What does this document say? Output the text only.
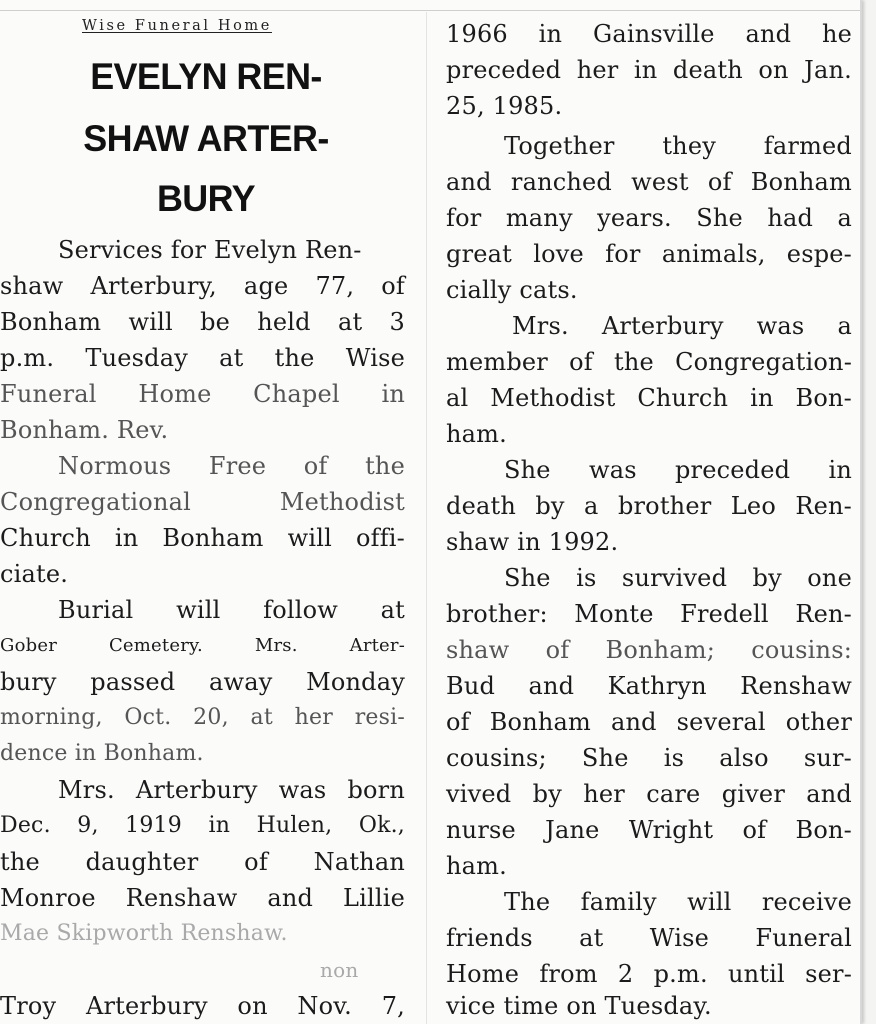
Wise Funeral Home
EVELYN REN-
SHAW ARTER-
BURY
Services for Evelyn Ren-
shaw Arterbury, age 77, of
Bonham will be held at 3
p.m. Tuesday at the Wise
Funeral Home Chapel in
Bonham. Rev.
Normous Free of the
Congregational Methodist
Church in Bonham will offi-
ciate.
Burial will follow at
Gober Cemetery. Mrs. Arter-
bury passed away Monday
morning, Oct. 20, at her resi-
dence in Bonham.
Mrs. Arterbury was born
Dec. 9, 1919 in Hulen, Ok.,
the daughter of Nathan
Monroe Renshaw and Lillie
Mae Skipworth Renshaw.
non
Troy Arterbury on Nov. 7,
1966 in Gainsville and he
preceded her in death on Jan.
25, 1985.
Together they farmed
and ranched west of Bonham
for many years. She had a
great love for animals, espe-
cially cats.
Mrs. Arterbury was a
member of the Congregation-
al Methodist Church in Bon-
ham.
She was preceded in
death by a brother Leo Ren-
shaw in 1992.
She is survived by one
brother: Monte Fredell Ren-
shaw of Bonham; cousins:
Bud and Kathryn Renshaw
of Bonham and several other
cousins; She is also sur-
vived by her care giver and
nurse Jane Wright of Bon-
ham.
The family will receive
friends at Wise Funeral
Home from 2 p.m. until ser-
vice time on Tuesday.
